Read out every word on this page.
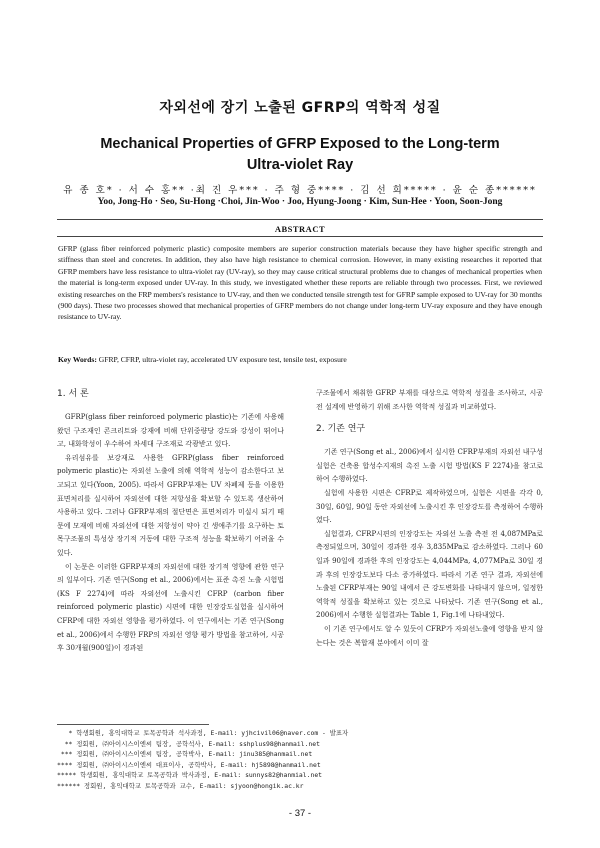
자외선에 장기 노출된 GFRP의 역학적 성질
Mechanical Properties of GFRP Exposed to the Long-term Ultra-violet Ray
유 종 호* · 서 수 홍** ·최 진 우*** · 주 형 중**** · 김 선 희***** · 윤 순 종******
Yoo, Jong-Ho · Seo, Su-Hong ·Choi, Jin-Woo · Joo, Hyung-Joong · Kim, Sun-Hee · Yoon, Soon-Jong
ABSTRACT
GFRP (glass fiber reinforced polymeric plastic) composite members are superior construction materials because they have higher specific strength and stiffness than steel and concretes. In addition, they also have high resistance to chemical corrosion. However, in many existing researches it reported that GFRP members have less resistance to ultra-violet ray (UV-ray), so they may cause critical structural problems due to changes of mechanical properties when the material is long-term exposed under UV-ray. In this study, we investigated whether these reports are reliable through two processes. First, we reviewed existing researches on the FRP members's resistance to UV-ray, and then we conducted tensile strength test for GFRP sample exposed to UV-ray for 30 months (900 days). These two processes showed that mechanical properties of GFRP members do not change under long-term UV-ray exposure and they have enough resistance to UV-ray.
Key Words: GFRP, CFRP, ultra-violet ray, accelerated UV exposure test, tensile test, exposure
1. 서 론

GFRP(glass fiber reinforced polymeric plastic)는 기존에 사용해왔던 구조재인 콘크리트와 강재에 비해 단위중량당 강도와 강성이 뛰어나고, 내화학성이 우수하여 차세대 구조재로 각광받고 있다.

유리섬유를 보강재로 사용한 GFRP(glass fiber reinforced polymeric plastic)는 자외선 노출에 의해 역학적 성능이 감소한다고 보고되고 있다(Yoon, 2005). 따라서 GFRP부재는 UV 차폐제 등을 이용한 표면처리를 실시하여 자외선에 대한 저항성을 확보할 수 있도록 생산하여 사용하고 있다. 그러나 GFRP부재의 절단면은 표면처리가 미실시 되기 때문에 모재에 비해 자외선에 대한 저항성이 약아 긴 생애주기를 요구하는 토목구조물의 특성상 장기적 거동에 대한 구조적 성능을 확보하기 어려울 수 있다.

이 논문은 이러한 GFRP부재의 자외선에 대한 장기적 영향에 관한 연구의 일부이다. 기존 연구(Song et al., 2006)에서는 표준 촉진 노출 시험법(KS F 2274)에 따라 자외선에 노출시킨 CFRP (carbon fiber reinforced polymeric plastic) 시편에 대한 인장강도실험을 실시하여 CFRP에 대한 자외선 영향을 평가하였다. 이 연구에서는 기존 연구(Song et al., 2006)에서 수행한 FRP의 자외선 영향 평가 방법을 참고하여, 시공후 30개월(900일)이 경과된

구조물에서 채취한 GFRP 부재를 대상으로 역학적 성질을 조사하고, 시공전 설계에 반영하기 위해 조사한 역학적 성질과 비교하였다.

2. 기존 연구

기존 연구(Song et al., 2006)에서 실시한 CFRP부재의 자외선 내구성 실험은 건축용 합성수지재의 촉진 노출 시험 방법(KS F 2274)을 참고로 하여 수행하였다.

실험에 사용한 시편은 CFRP로 제작하였으며, 실험은 시편을 각각 0, 30일, 60일, 90일 동안 자외선에 노출시킨 후 인장강도를 측정하여 수행하였다.

실험결과, CFRP시편의 인장강도는 자외선 노출 측전 전 4,087MPa로 측정되었으며, 30일이 경과한 경우 3,835MPa로 감소하였다. 그러나 60일과 90일에 경과한 후의 인장강도는 4,044MPa, 4,077MPa로 30일 경과 후의 인장강도보다 다소 증가하였다. 따라서 기존 연구 결과, 자외선에 노출된 CFRP부재는 90일 내에서 큰 강도변화를 나타내지 않으며, 일정한 역학적 성질을 확보하고 있는 것으로 나타났다. 기존 연구(Song et al., 2006)에서 수행한 실험결과는 Table 1, Fig.1에 나타내었다.

이 기존 연구에서도 알 수 있듯이 CFRP가 자외선노출에 영향을 받지 않는다는 것은 복합재 분야에서 이미 잘

* 학생회원, 홍익대학교 토목공학과 석사과정, E-mail: yjhcivil06@naver.com - 발표자
** 정회원, ㈜아이시스이엔씨 팀장, 공학석사, E-mail: sshplus98@hanmail.net
*** 정회원, ㈜아이시스이엔씨 팀장, 공학박사, E-mail: jinu385@hanmail.net
**** 정회원, ㈜아이시스이엔씨 대표이사, 공학박사, E-mail: hj5898@hanmail.net
***** 학생회원, 홍익대학교 토목공학과 박사과정, E-mail: sunnys82@hanmial.net
****** 정회원, 홍익대학교 토목공학과 교수, E-mail: sjyoon@hongik.ac.kr
- 37 -
